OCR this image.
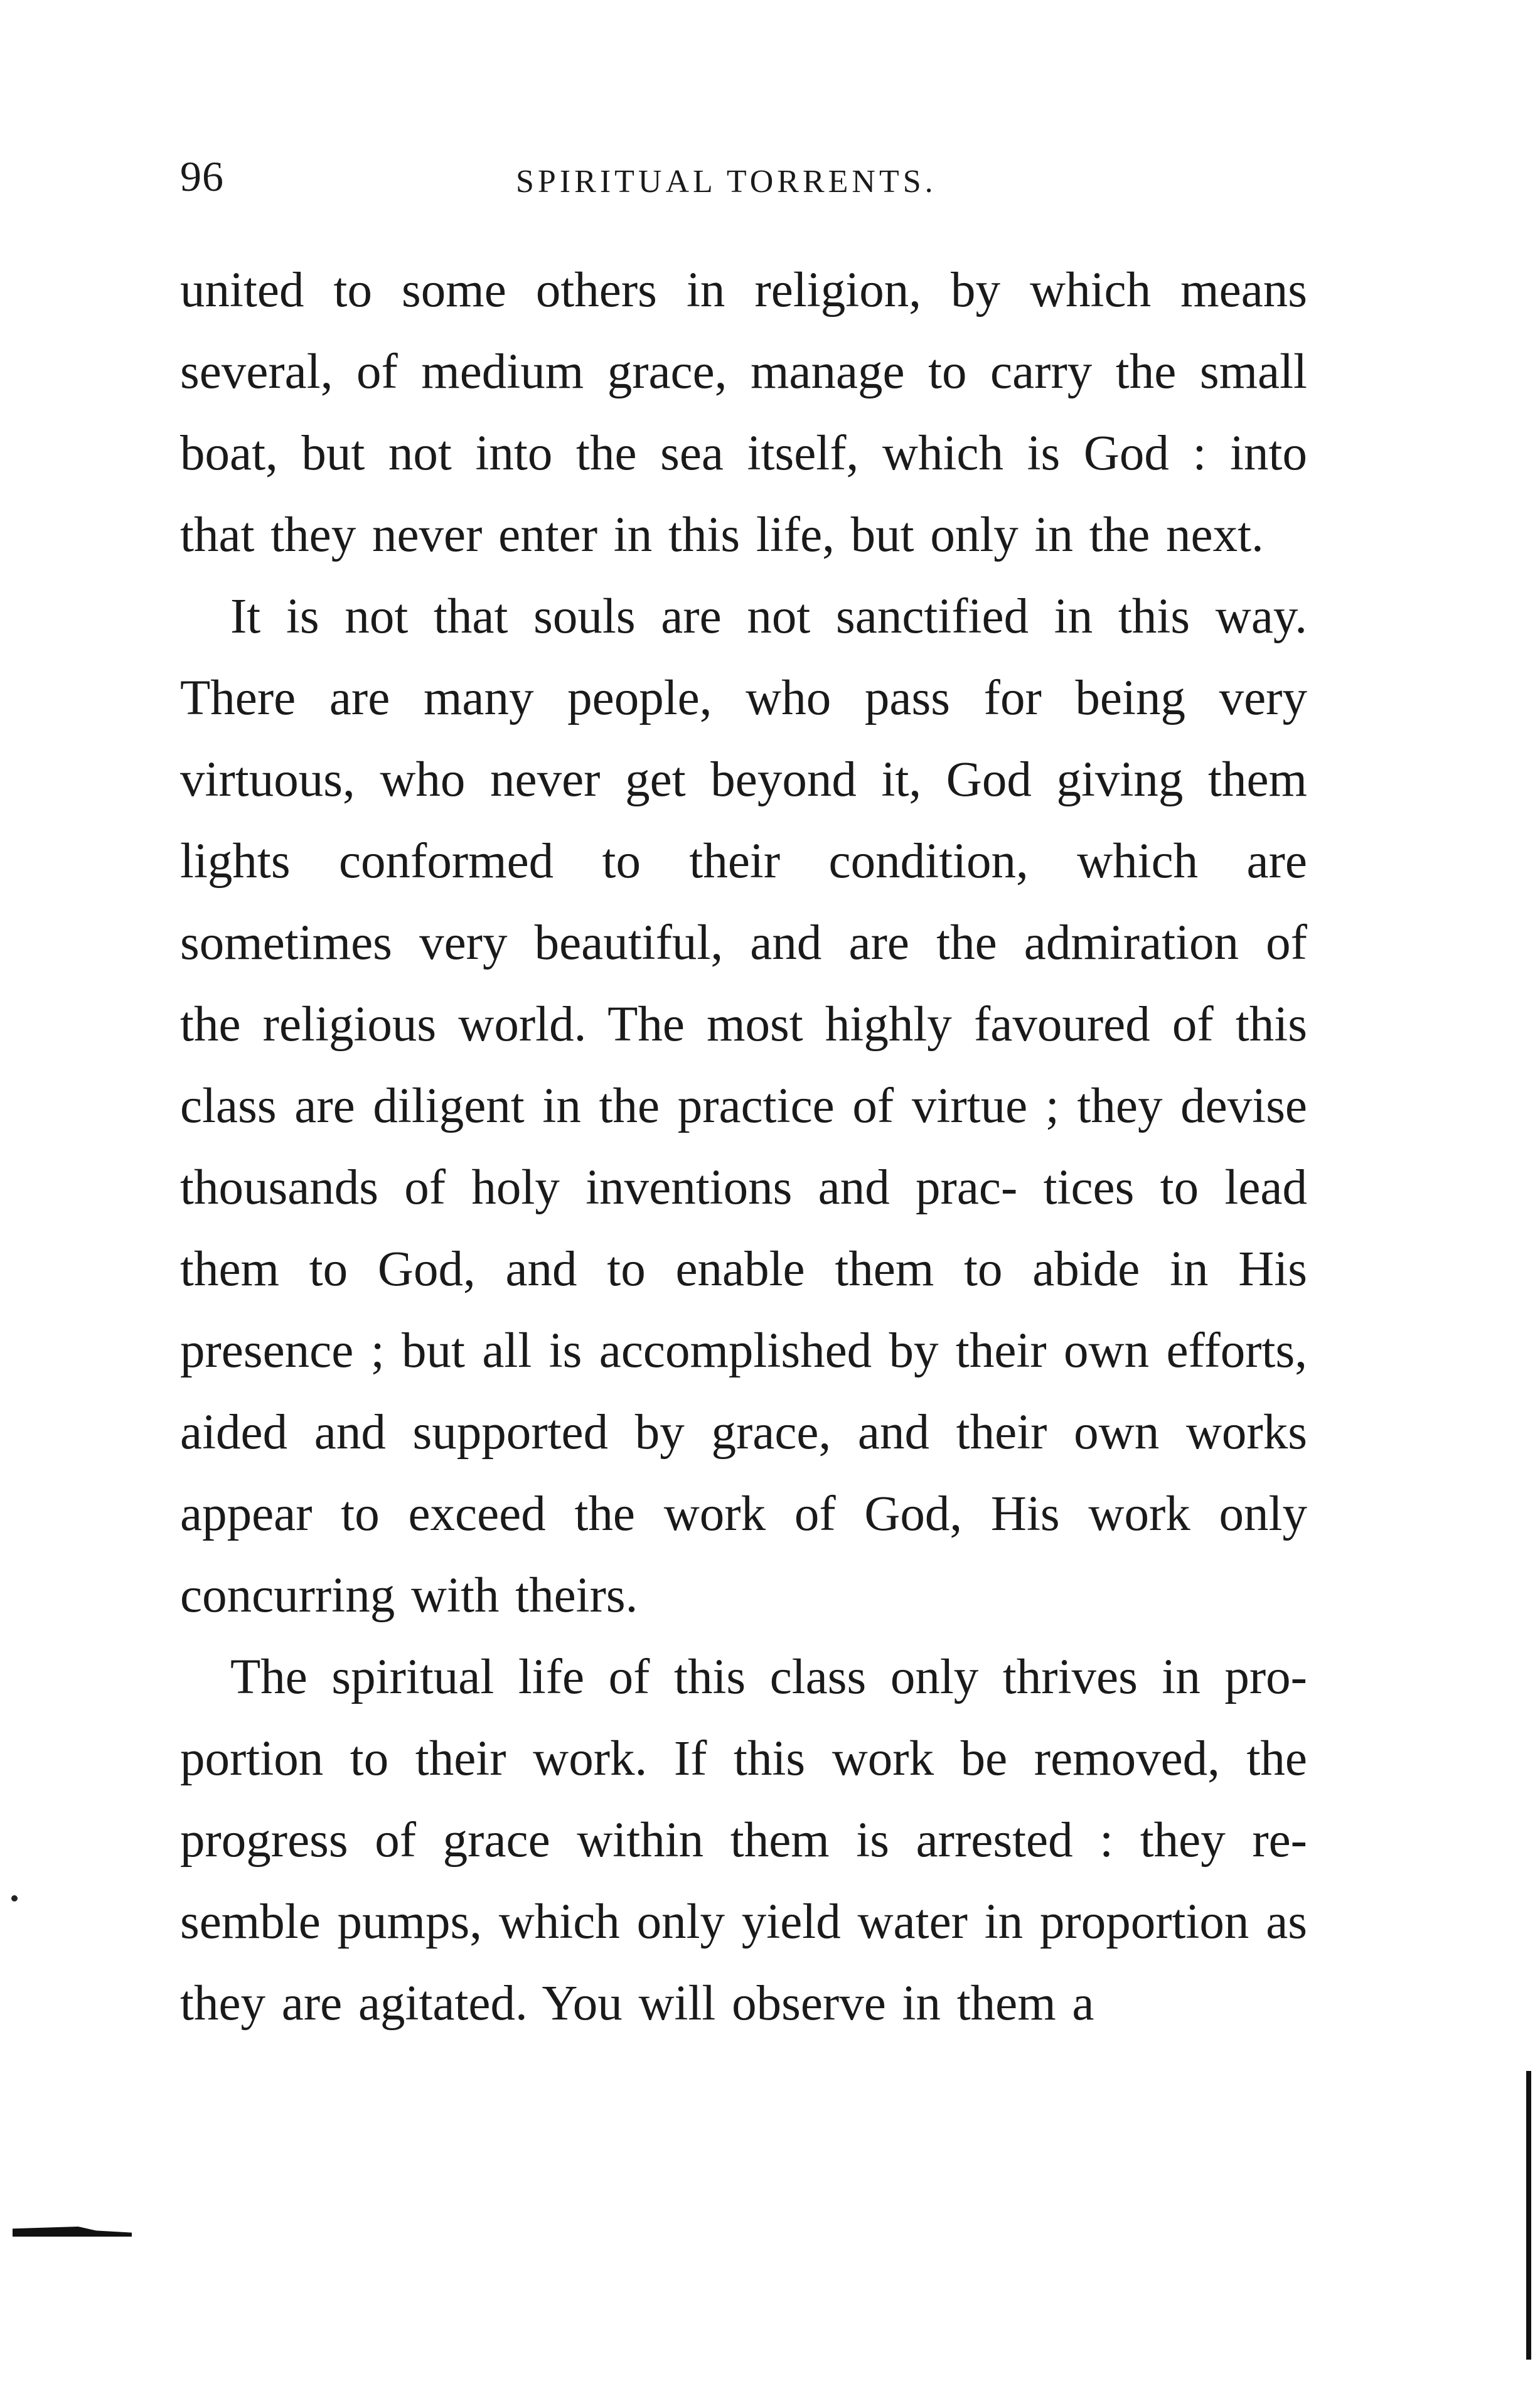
96	SPIRITUAL TORRENTS.

united to some others in religion, by which means several, of medium grace, manage to carry the small boat, but not into the sea itself, which is God : into that they never enter in this life, but only in the next.

It is not that souls are not sanctified in this way. There are many people, who pass for being very virtuous, who never get beyond it, God giving them lights conformed to their condition, which are sometimes very beautiful, and are the admiration of the religious world. The most highly favoured of this class are diligent in the practice of virtue ; they devise thousands of holy inventions and prac- tices to lead them to God, and to enable them to abide in His presence ; but all is accomplished by their own efforts, aided and supported by grace, and their own works appear to exceed the work of God, His work only concurring with theirs.

The spiritual life of this class only thrives in pro- portion to their work. If this work be removed, the progress of grace within them is arrested : they re- semble pumps, which only yield water in proportion as they are agitated. You will observe in them a
